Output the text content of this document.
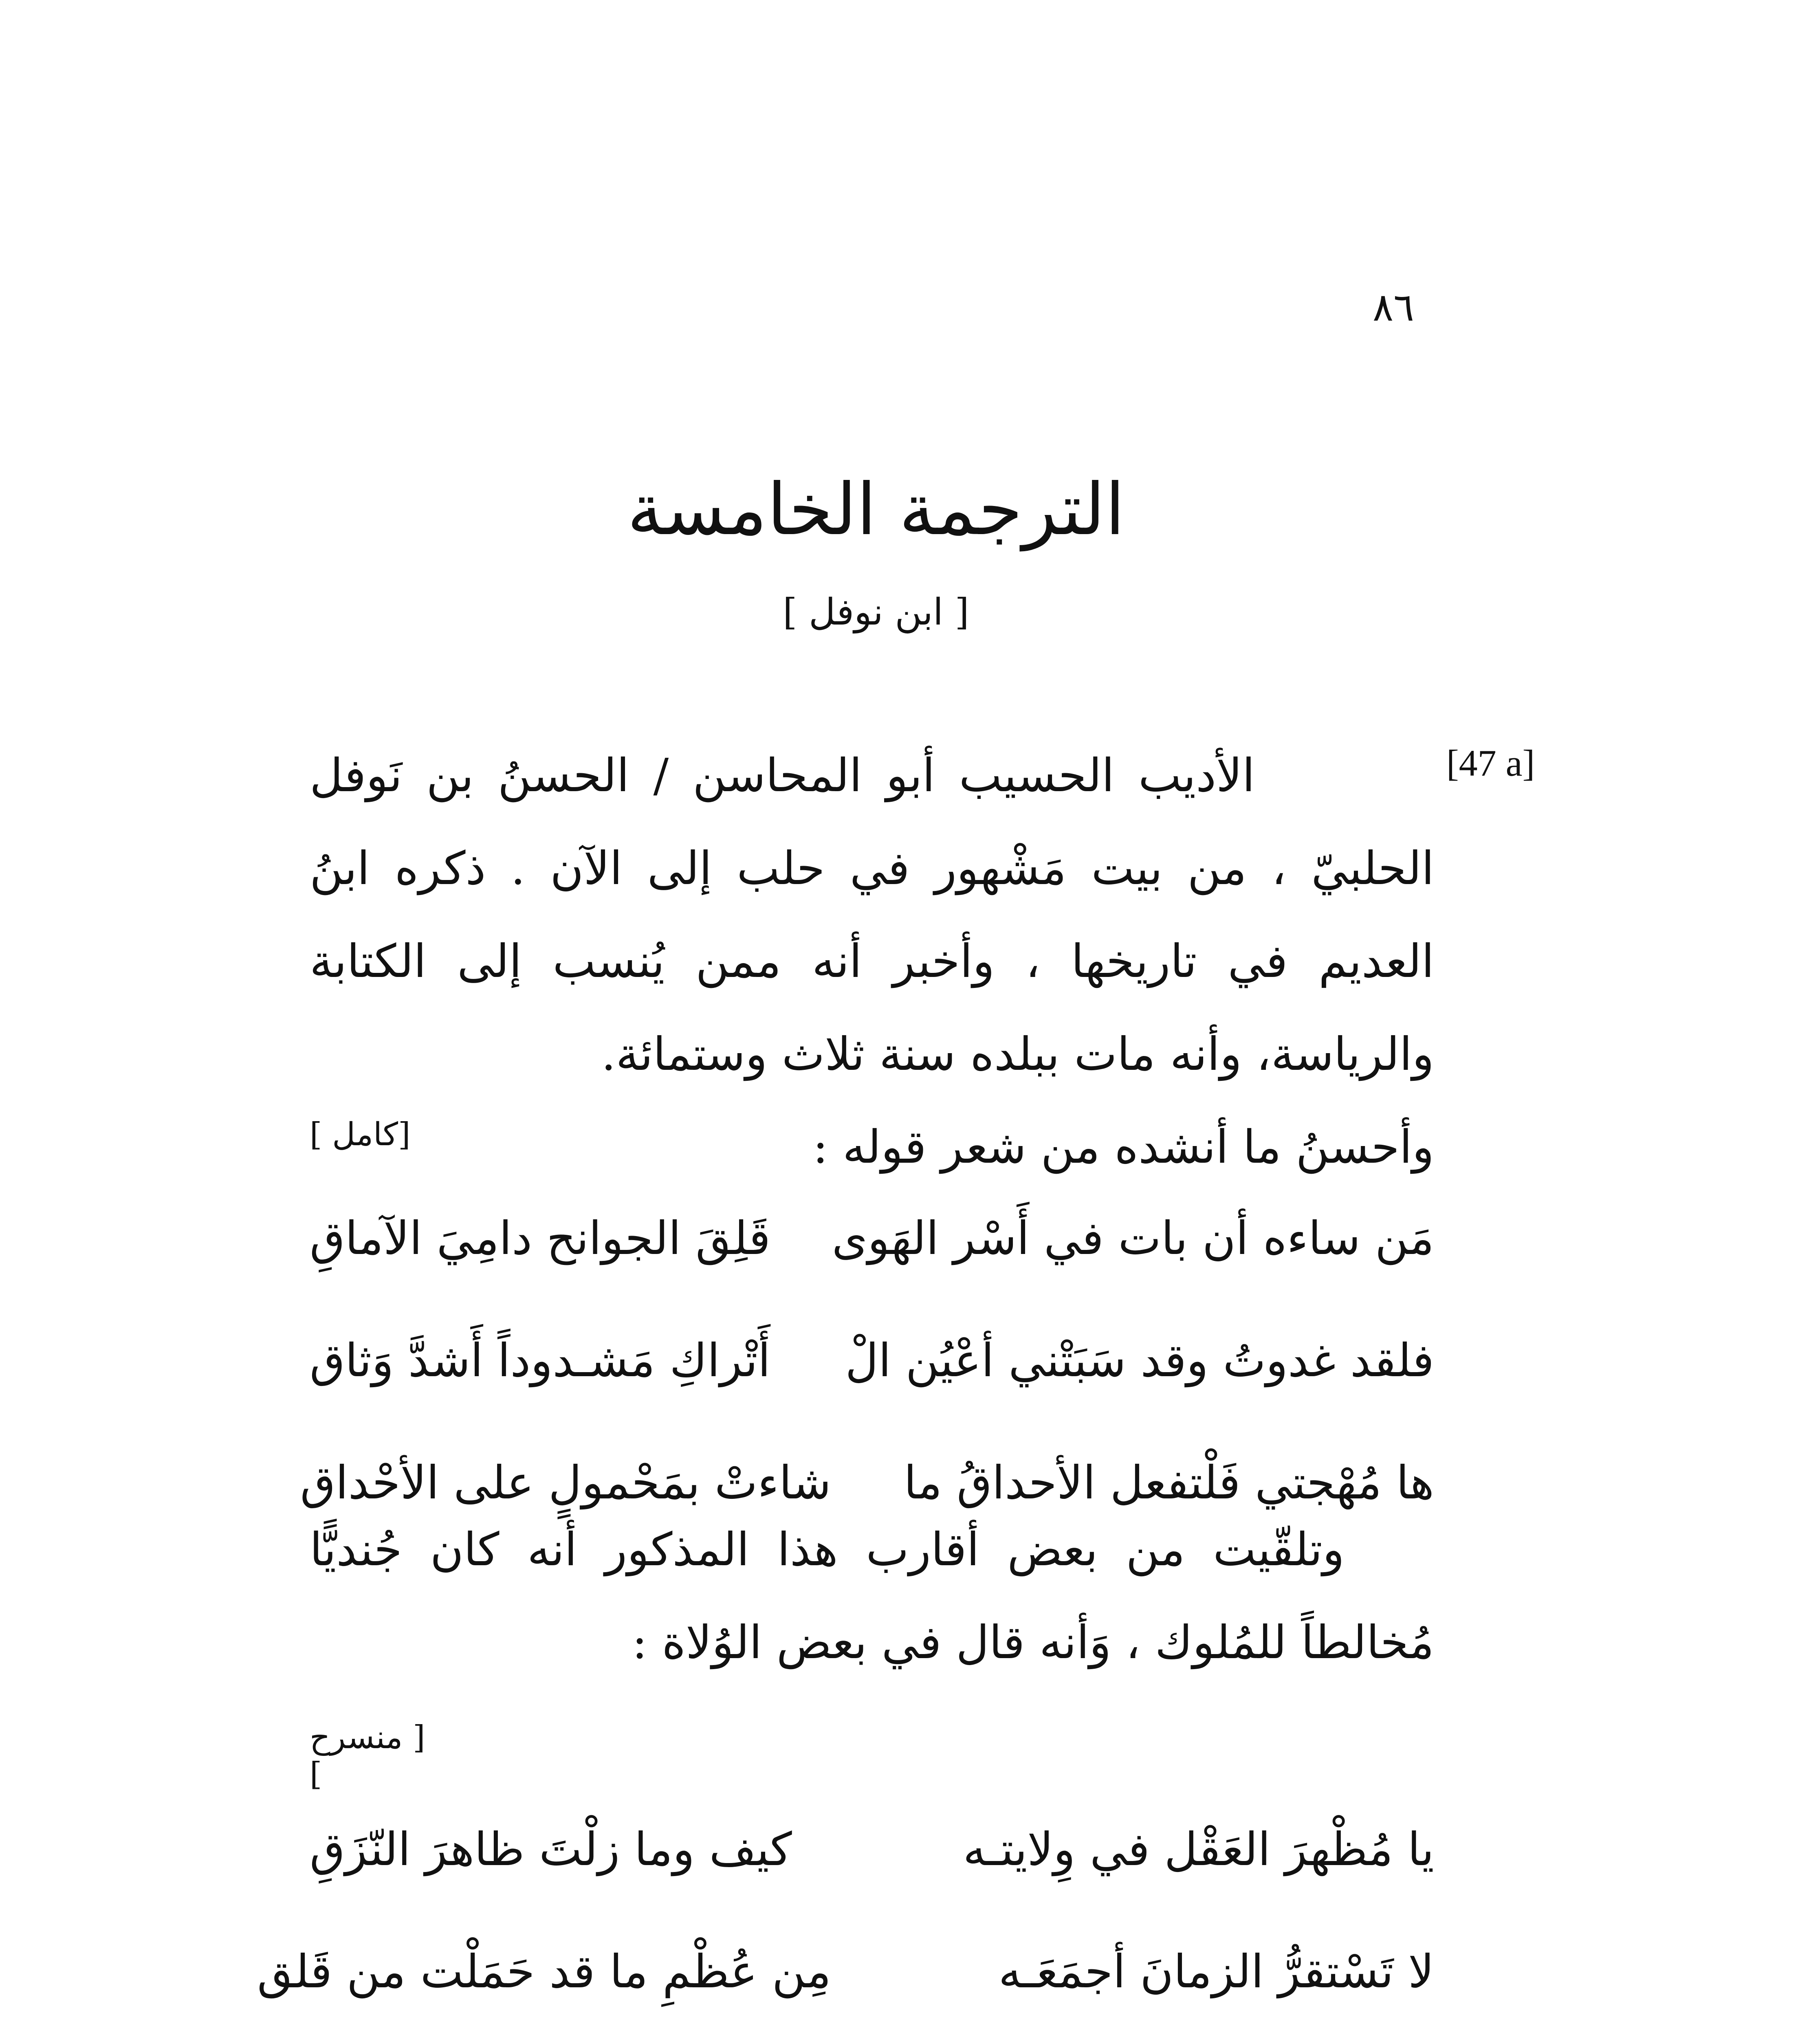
٨٦
الترجمة الخامسة
[ ابن نوفل ]
[47 a]

الأديب الحسيب أبو المحاسن / الحسنُ بن نَوفل الحلبيّ ، من بيت مَشْهور في حلب إلى الآن . ذكره ابنُ العديم في تاريخها ، وأخبر أنه ممن يُنسب إلى الكتابة والرياسة، وأنه مات ببلده سنة ثلاث وستمائة.

وأحسنُ ما أنشده من شعر قوله :

[كامل ]
مَن ساءه أن بات في أَسْر الهَوى
قَلِقَ الجوانح دامِيَ الآماقِ
فلقد غدوتُ وقد سَبَتْني أعْيُن الْ
أَتْراكِ مَشـدوداً أَشدَّ وَثاق
ها مُهْجتي فَلْتفعل الأحداقُ ما
شاءتْ بمَحْمولٍ على الأحْداق

وتلقّيت من بعض أقارب هذا المذكور أنه كان جُنديًّا مُخالطاً للمُلوك ، وَأنه قال في بعض الوُلاة :

[ منسرح ]
يا مُظْهرَ العَقْل في وِلايتـه
كيف وما زلْتَ ظاهرَ النّزَقِ
لا تَسْتقرُّ الزمانَ أجمَعَـه
مِن عُظْمِ ما قد حَمَلْت من قَلق
